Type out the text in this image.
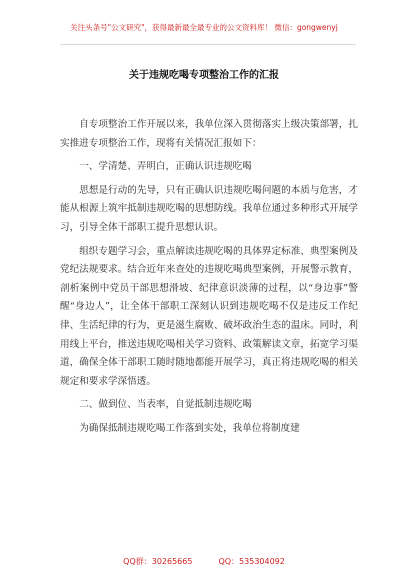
关注头条号"公文研究"，获得最新最全最专业的公文资料库！ 微信：gongwenyj
关于违规吃喝专项整治工作的汇报

自专项整治工作开展以来，我单位深入贯彻落实上级决策部署，扎实推进专项整治工作，现将有关情况汇报如下：

一、学清楚、弄明白，正确认识违规吃喝

思想是行动的先导，只有正确认识违规吃喝问题的本质与危害，才能从根源上筑牢抵制违规吃喝的思想防线。我单位通过多种形式开展学习，引导全体干部职工提升思想认识。

组织专题学习会，重点解读违规吃喝的具体界定标准、典型案例及党纪法规要求。结合近年来查处的违规吃喝典型案例，开展警示教育，剖析案例中党员干部思想滑坡、纪律意识淡薄的过程，以“身边事”警醒“身边人”，让全体干部职工深刻认识到违规吃喝不仅是违反工作纪律、生活纪律的行为，更是滋生腐败、破坏政治生态的温床。同时，利用线上平台，推送违规吃喝相关学习资料、政策解读文章，拓宽学习渠道，确保全体干部职工随时随地都能开展学习，真正将违规吃喝的相关规定和要求学深悟透。

二、做到位、当表率，自觉抵制违规吃喝

为确保抵制违规吃喝工作落到实处，我单位将制度建

QQ群：30265665	QQ：535304092
